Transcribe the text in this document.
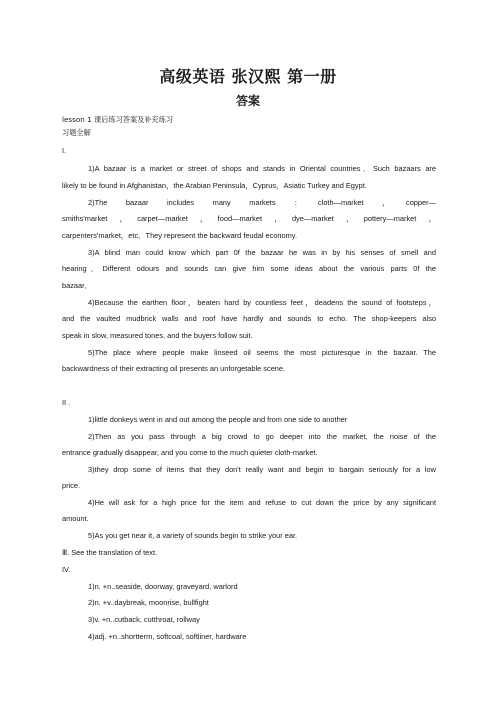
高级英语 张汉熙 第一册
答案
lesson 1 课后练习答案及补充练习
习题全解
I.
1)A bazaar is a market or street of shops and stands in Oriental countries．Such bazaars are
likely to be found in Afghanistan，the Arabian Peninsula，Cyprus，Asiatic Turkey and Egypt.
2)The bazaar includes many markets ：cloth—market ，copper—
smiths'market ，carpet—market ，food—market ，dye—market ，pottery—market ，
carpenters'market，etc．They represent the backward feudal economy.
3)A blind man could know which part 0f the bazaar he was in by his senses of smell and
hearing．Different odours and sounds can give him some ideas about the various parts 0f the
bazaar．
4)Because the earthen floor，beaten hard by countless feet，deadens the sound of footsteps，
and the vaulted mudbrick walls and roof have hardly and sounds to echo. The shop-keepers also
speak in slow, measured tones, and the buyers follow suit.
5)The place where people make linseed oil seems the most picturesque in the bazaar. The
backwardness of their extracting oil presents an unforgetable scene.
II .
1)little donkeys went in and out among the people and from one side to another
2)Then as you pass through a big crowd to go deeper into the market, the noise of the
entrance gradually disappear, and you come to the much quieter cloth-market.
3)they drop some of items that they don't really want and begin to bargain seriously for a low
price.
4)He will ask for a high price for the item and refuse to cut down the price by any significant
amount.
5)As you get near it, a variety of sounds begin to strike your ear.
Ⅲ. See the translation of text.
IV.
1)n. +n..seaside, doorway, graveyard, warlord
2)n. +v..daybreak, moonrise, bullfight
3)v. +n..cutback, cutthroat, rollway
4)adj. +n..shortterm, softcoal, softliner, hardware
